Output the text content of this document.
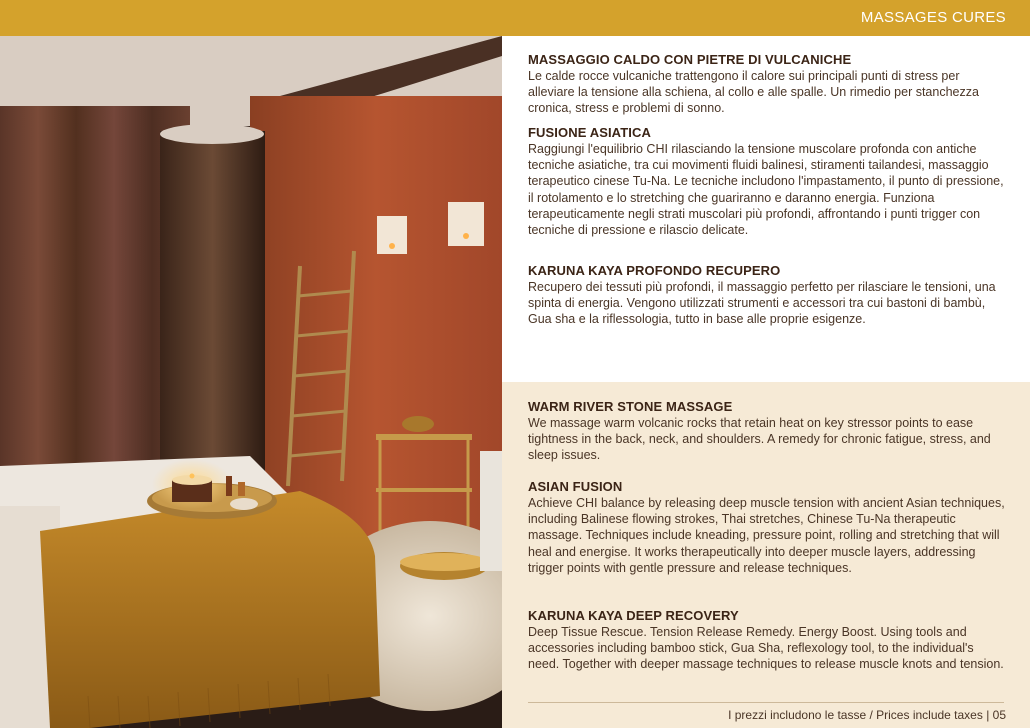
MASSAGES CURES

MASSAGGIO CALDO CON PIETRE DI VULCANICHE

Le calde rocce vulcaniche trattengono il calore sui principali punti di stress per alleviare la tensione alla schiena, al collo e alle spalle. Un rimedio per stanchezza cronica, stress e problemi di sonno.

FUSIONE ASIATICA

Raggiungi l'equilibrio CHI rilasciando la tensione muscolare profonda con antiche tecniche asiatiche, tra cui movimenti fluidi balinesi, stiramenti tailandesi, massaggio terapeutico cinese Tu-Na. Le tecniche includono l'impastamento, il punto di pressione, il rotolamento e lo stretching che guariranno e daranno energia. Funziona terapeuticamente negli strati muscolari più profondi, affrontando i punti trigger con tecniche di pressione e rilascio delicate.

KARUNA KAYA PROFONDO RECUPERO

Recupero dei tessuti più profondi, il massaggio perfetto per rilasciare le tensioni, una spinta di energia. Vengono utilizzati strumenti e accessori tra cui bastoni di bambù, Gua sha e la riflessologia, tutto in base alle proprie esigenze.

WARM RIVER STONE MASSAGE

We massage warm volcanic rocks that retain heat on key stressor points to ease tightness in the back, neck, and shoulders. A remedy for chronic fatigue, stress, and sleep issues.

ASIAN FUSION

Achieve CHI balance by releasing deep muscle tension with ancient Asian techniques, including Balinese flowing strokes, Thai stretches, Chinese Tu-Na therapeutic massage. Techniques include kneading, pressure point, rolling and stretching that will heal and energise. It works therapeutically into deeper muscle layers, addressing trigger points with gentle pressure and release techniques.

KARUNA KAYA DEEP RECOVERY

Deep Tissue Rescue. Tension Release Remedy. Energy Boost. Using tools and accessories including bamboo stick, Gua Sha, reflexology tool, to the individual's need. Together with deeper massage techniques to release muscle knots and tension.

I prezzi includono le tasse / Prices include taxes | 05
